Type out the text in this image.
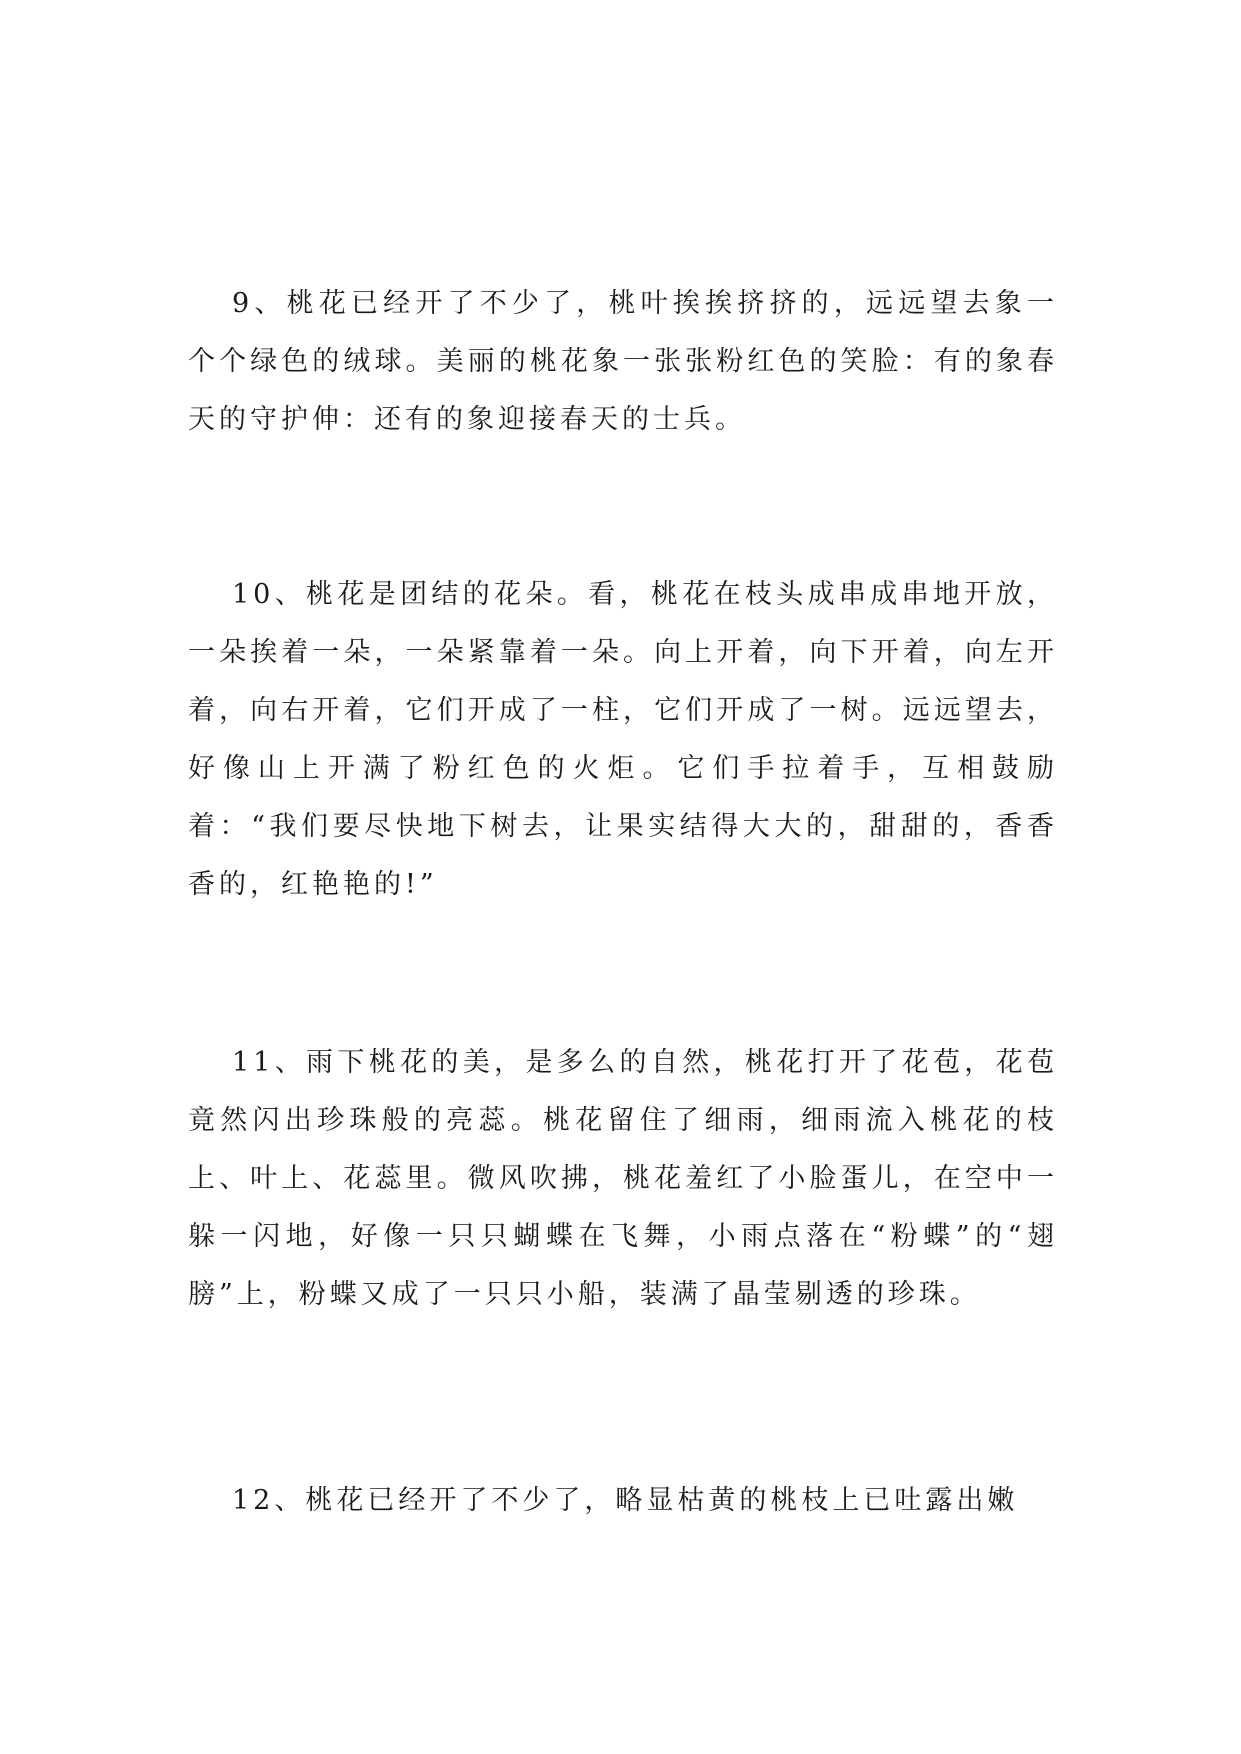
9、桃花已经开了不少了，桃叶挨挨挤挤的，远远望去象一个个绿色的绒球。美丽的桃花象一张张粉红色的笑脸：有的象春天的守护伸：还有的象迎接春天的士兵。

10、桃花是团结的花朵。看，桃花在枝头成串成串地开放，一朵挨着一朵，一朵紧靠着一朵。向上开着，向下开着，向左开着，向右开着，它们开成了一柱，它们开成了一树。远远望去，好像山上开满了粉红色的火炬。它们手拉着手，互相鼓励着：“我们要尽快地下树去，让果实结得大大的，甜甜的，香香香的，红艳艳的!”

11、雨下桃花的美，是多么的自然，桃花打开了花苞，花苞竟然闪出珍珠般的亮蕊。桃花留住了细雨，细雨流入桃花的枝上、叶上、花蕊里。微风吹拂，桃花羞红了小脸蛋儿，在空中一躲一闪地，好像一只只蝴蝶在飞舞，小雨点落在“粉蝶”的“翅膀”上，粉蝶又成了一只只小船，装满了晶莹剔透的珍珠。

12、桃花已经开了不少了，略显枯黄的桃枝上已吐露出嫩
